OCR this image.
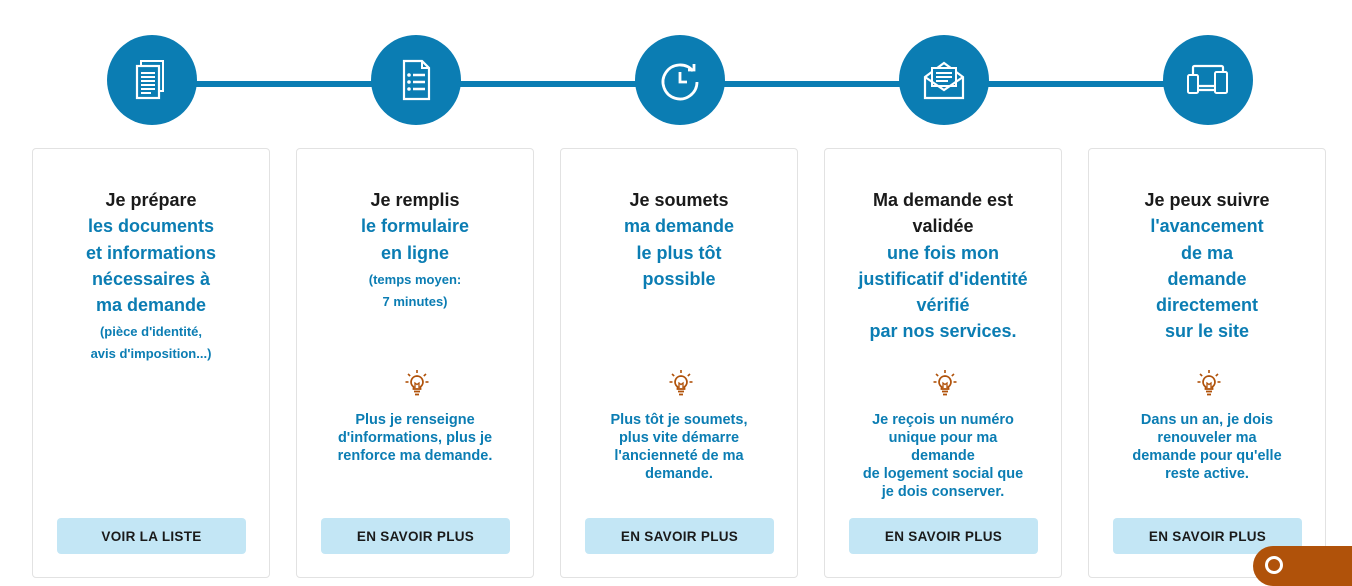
Je prépare
les documents
et informations
nécessaires à
ma demande
(pièce d'identité,
avis d'imposition...)
VOIR LA LISTE
Je remplis
le formulaire
en ligne
(temps moyen:
7 minutes)
Plus je renseigne
d'informations, plus je
renforce ma demande.
EN SAVOIR PLUS
Je soumets
ma demande
le plus tôt
possible
Plus tôt je soumets,
plus vite démarre
l'ancienneté de ma
demande.
EN SAVOIR PLUS
Ma demande est
validée
une fois mon
justificatif d'identité
vérifié
par nos services.
Je reçois un numéro
unique pour ma
demande
de logement social que
je dois conserver.
EN SAVOIR PLUS
Je peux suivre
l'avancement
de ma
demande
directement
sur le site
Dans un an, je dois
renouveler ma
demande pour qu'elle
reste active.
EN SAVOIR PLUS
